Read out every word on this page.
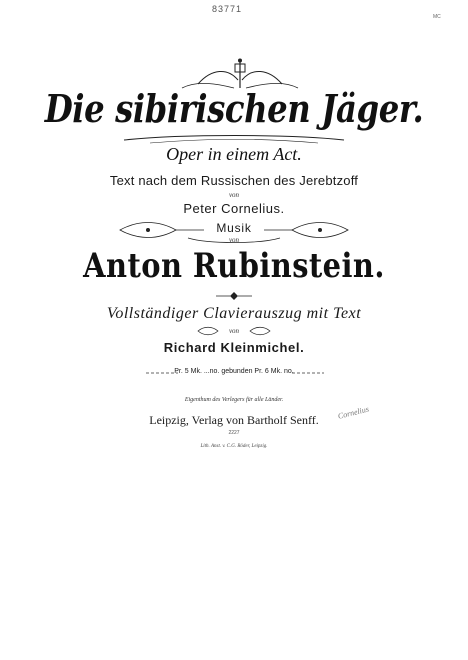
83771
MC
Die sibirischen Jäger.
Oper in einem Act.
Text nach dem Russischen des Jerebtzoff
von
Peter Cornelius.
Musik
von
Anton Rubinstein.
Vollständiger Clavierauszug mit Text
von
Richard Kleinmichel.
Pr. 5 Mk. ...no. gebunden Pr. 6 Mk. no.
Eigenthum des Verlegers für alle Länder.
Leipzig, Verlag von Bartholf Senff.
2227
Lith. Anst. v. C.G. Röder, Leipzig.
Cornelius
